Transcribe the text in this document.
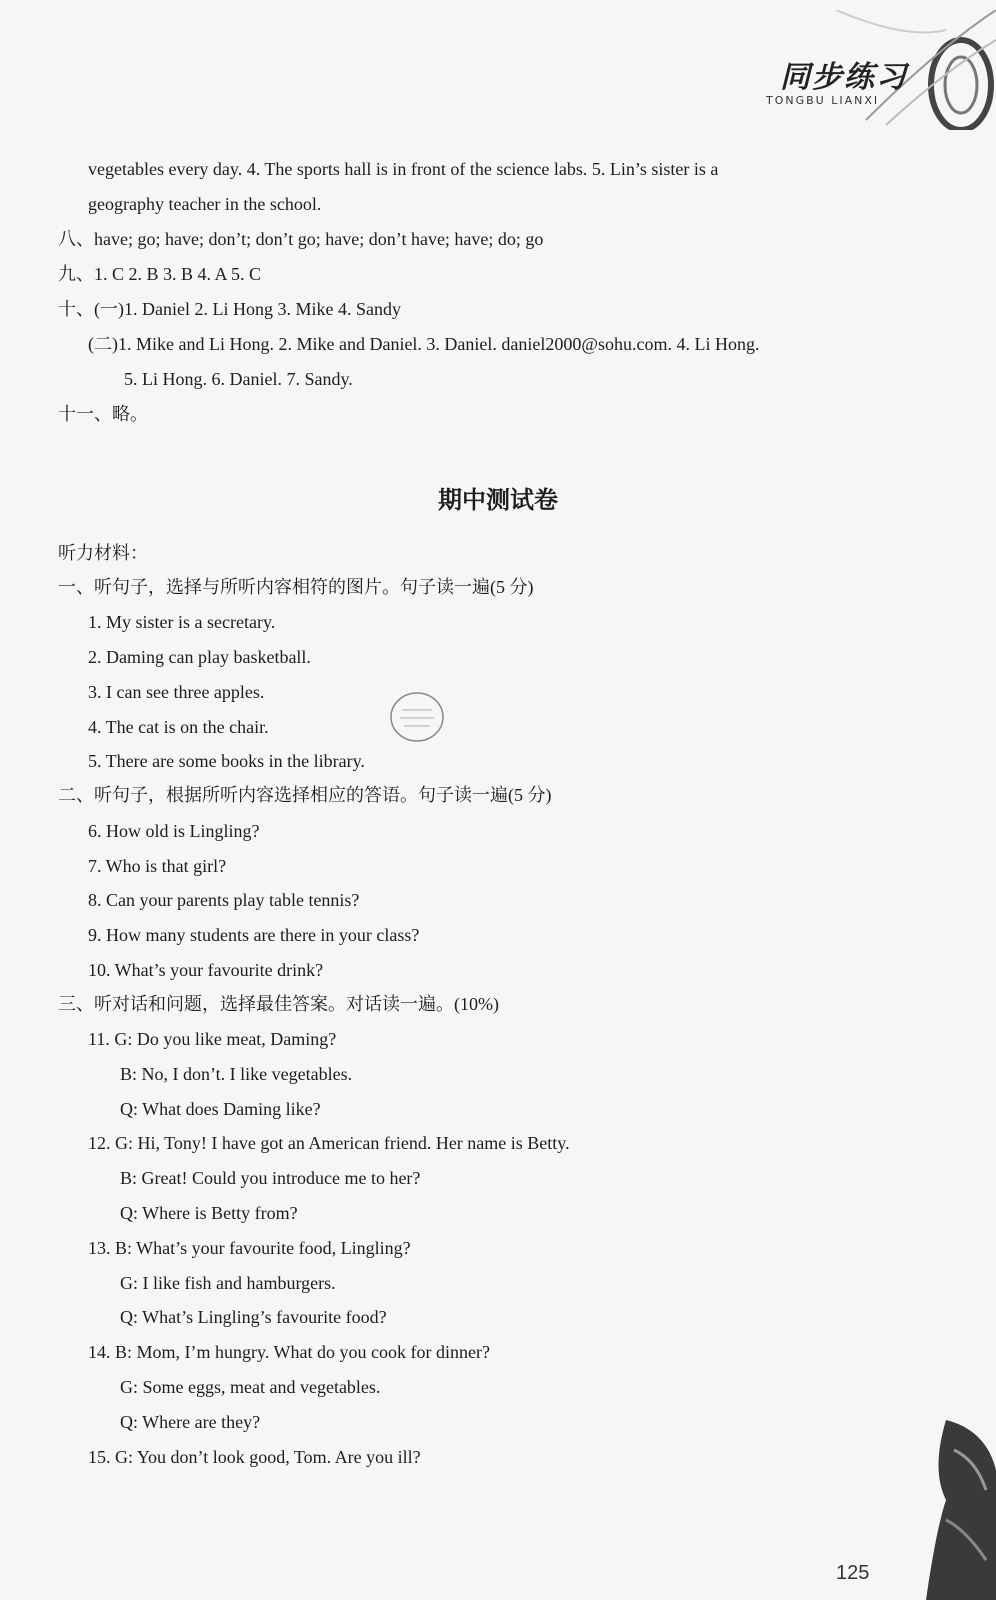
同步练习
TONGBU LIANXI
vegetables every day. 4. The sports hall is in front of the science labs. 5. Lin’s sister is a
geography teacher in the school.
八、have; go; have; don’t; don’t go; have; don’t have; have; do; go
九、1. C 2. B 3. B 4. A 5. C
十、(一)1. Daniel 2. Li Hong 3. Mike 4. Sandy
(二)1. Mike and Li Hong. 2. Mike and Daniel. 3. Daniel. daniel2000@sohu.com. 4. Li Hong.
5. Li Hong. 6. Daniel. 7. Sandy.
十一、略。
期中测试卷
听力材料：
一、听句子，选择与所听内容相符的图片。句子读一遍(5 分)
1. My sister is a secretary.
2. Daming can play basketball.
3. I can see three apples.
4. The cat is on the chair.
5. There are some books in the library.
二、听句子，根据所听内容选择相应的答语。句子读一遍(5 分)
6. How old is Lingling?
7. Who is that girl?
8. Can your parents play table tennis?
9. How many students are there in your class?
10. What’s your favourite drink?
三、听对话和问题，选择最佳答案。对话读一遍。(10%)
11. G: Do you like meat, Daming?
B: No, I don’t. I like vegetables.
Q: What does Daming like?
12. G: Hi, Tony! I have got an American friend. Her name is Betty.
B: Great! Could you introduce me to her?
Q: Where is Betty from?
13. B: What’s your favourite food, Lingling?
G: I like fish and hamburgers.
Q: What’s Lingling’s favourite food?
14. B: Mom, I’m hungry. What do you cook for dinner?
G: Some eggs, meat and vegetables.
Q: Where are they?
15. G: You don’t look good, Tom. Are you ill?
125
